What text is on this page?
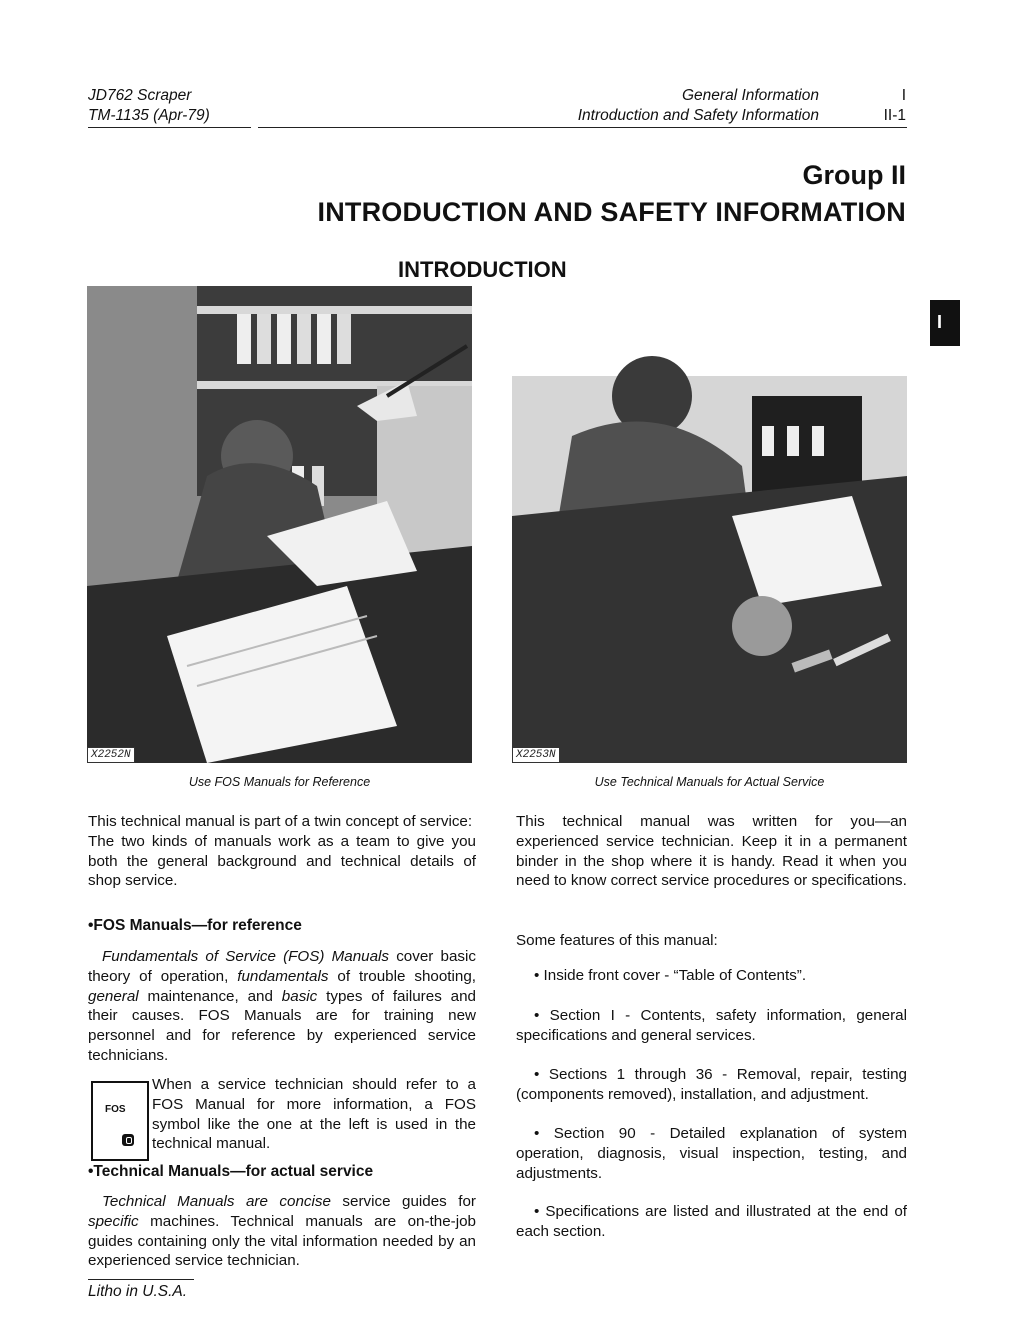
JD762 Scraper
TM-1135 (Apr-79)
General Information
Introduction and Safety Information
I
II-1
Group II
INTRODUCTION AND SAFETY INFORMATION
INTRODUCTION
I
X2252N
Use FOS Manuals for Reference
X2253N
Use Technical Manuals for Actual Service

This technical manual is part of a twin concept of service:

The two kinds of manuals work as a team to give you both the general background and technical details of shop service.

•FOS Manuals—for reference
Fundamentals of Service (FOS) Manuals cover basic theory of operation, fundamentals of trouble shooting, general maintenance, and basic types of failures and their causes. FOS Manuals are for training new personnel and for reference by experienced service technicians.
FOS
When a service technician should refer to a FOS Manual for more information, a FOS symbol like the one at the left is used in the technical manual.
•Technical Manuals—for actual service
Technical Manuals are concise service guides for specific machines. Technical manuals are on-the-job guides containing only the vital information needed by an experienced service technician.
This technical manual was written for you—an experienced service technician. Keep it in a permanent binder in the shop where it is handy. Read it when you need to know correct service procedures or specifications.
Some features of this manual:
• Inside front cover - “Table of Contents”.
• Section I - Contents, safety information, general specifications and general services.
• Sections 1 through 36 - Removal, repair, testing (components removed), installation, and adjustment.
• Section 90 - Detailed explanation of system operation, diagnosis, visual inspection, testing, and adjustments.
• Specifications are listed and illustrated at the end of each section.
Litho in U.S.A.
